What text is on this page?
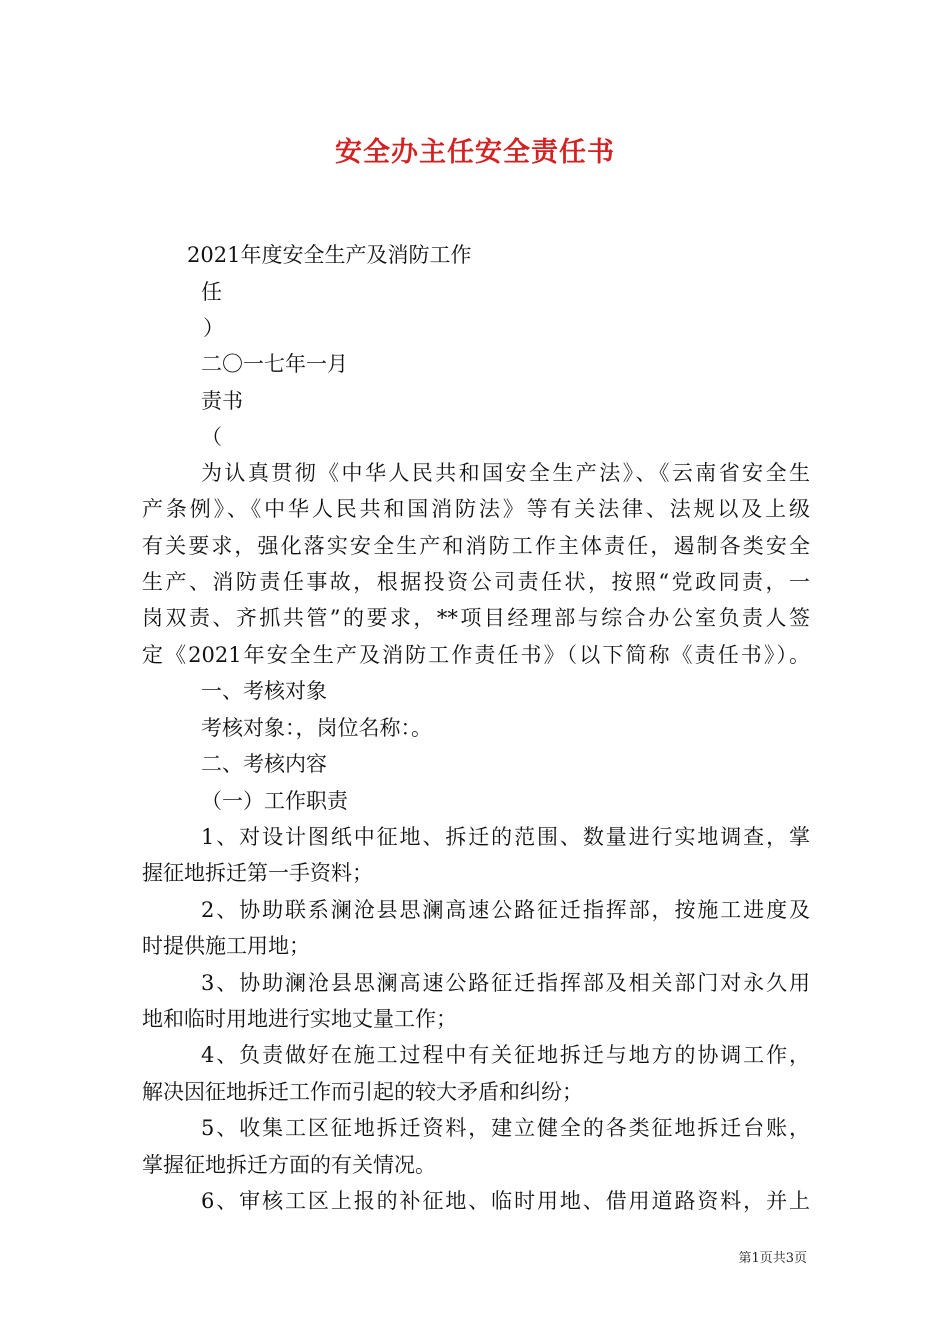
安全办主任安全责任书
2021年度安全生产及消防工作
任
）
二〇一七年一月
责书
（
为认真贯彻《中华人民共和国安全生产法》、《云南省安全生
产条例》、《中华人民共和国消防法》等有关法律、法规以及上级
有关要求，强化落实安全生产和消防工作主体责任，遏制各类安全
生产、消防责任事故，根据投资公司责任状，按照“党政同责，一
岗双责、齐抓共管”的要求，**项目经理部与综合办公室负责人签
定《2021年安全生产及消防工作责任书》（以下简称《责任书》）。
一、考核对象
考核对象：，岗位名称：。
二、考核内容
（一）工作职责
1、对设计图纸中征地、拆迁的范围、数量进行实地调查，掌
握征地拆迁第一手资料；
2、协助联系澜沧县思澜高速公路征迁指挥部，按施工进度及
时提供施工用地；
3、协助澜沧县思澜高速公路征迁指挥部及相关部门对永久用
地和临时用地进行实地丈量工作；
4、负责做好在施工过程中有关征地拆迁与地方的协调工作，
解决因征地拆迁工作而引起的较大矛盾和纠纷；
5、收集工区征地拆迁资料，建立健全的各类征地拆迁台账，
掌握征地拆迁方面的有关情况。
6、审核工区上报的补征地、临时用地、借用道路资料，并上
第1页共3页
